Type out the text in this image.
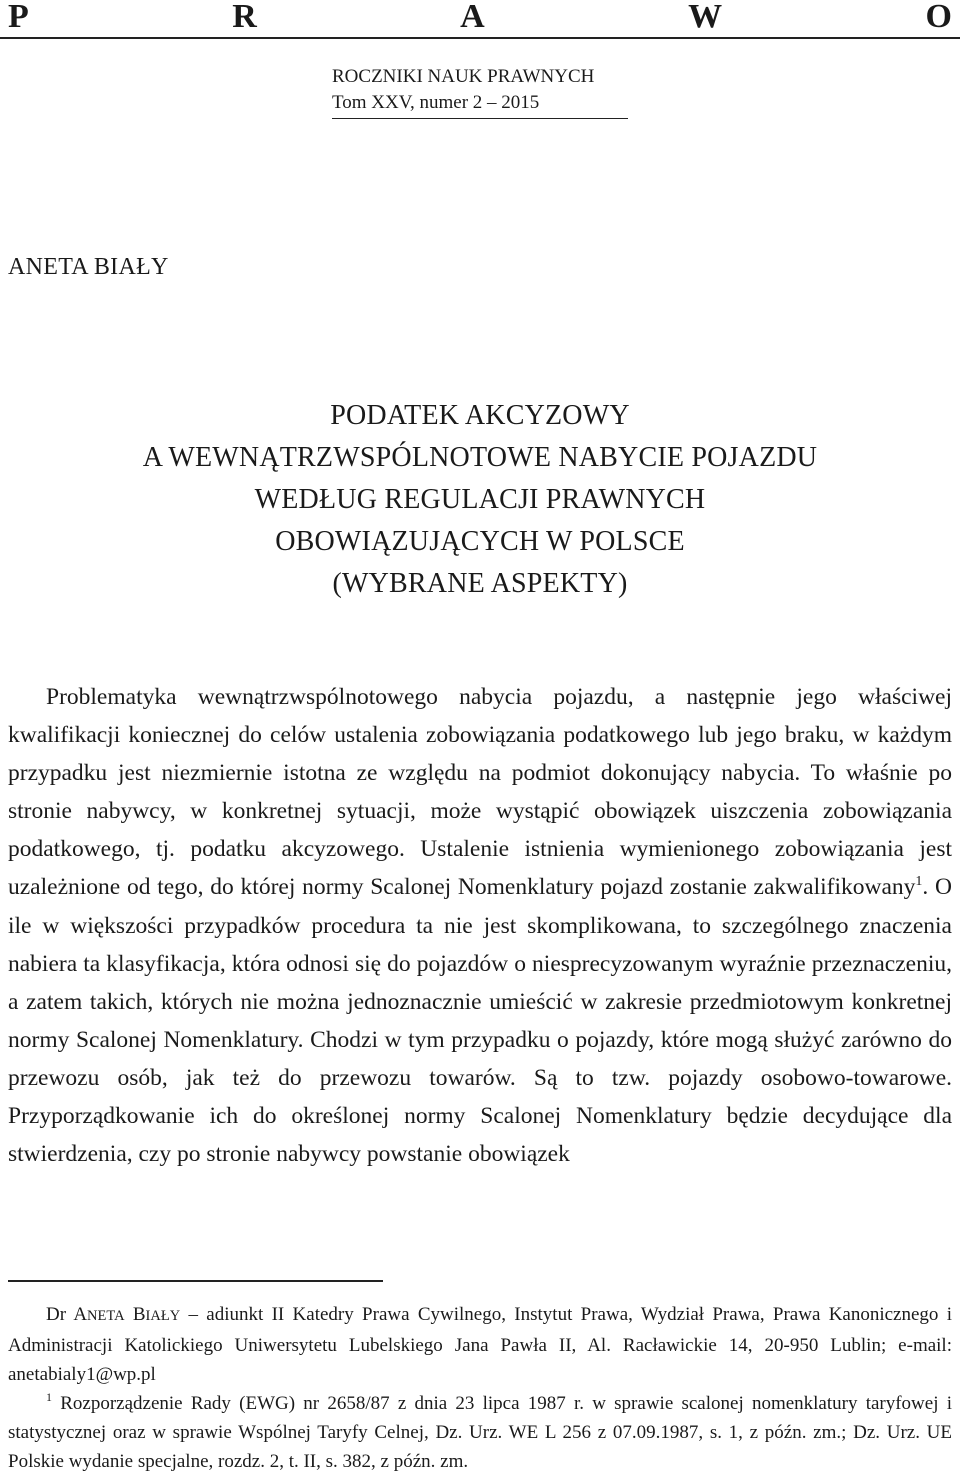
P	R	A	W	O
ROCZNIKI NAUK PRAWNYCH
Tom XXV, numer 2 – 2015
ANETA BIAŁY
PODATEK AKCYZOWY
A WEWNĄTRZWSPÓLNOTOWE NABYCIE POJAZDU
WEDŁUG REGULACJI PRAWNYCH
OBOWIĄZUJĄCYCH W POLSCE
(WYBRANE ASPEKTY)

Problematyka wewnątrzwspólnotowego nabycia pojazdu, a następnie jego właściwej kwalifikacji koniecznej do celów ustalenia zobowiązania podatkowego lub jego braku, w każdym przypadku jest niezmiernie istotna ze względu na podmiot dokonujący nabycia. To właśnie po stronie nabywcy, w konkretnej sytuacji, może wystąpić obowiązek uiszczenia zobowiązania podatkowego, tj. podatku akcyzowego. Ustalenie istnienia wymienionego zobowiązania jest uzależnione od tego, do której normy Scalonej Nomenklatury pojazd zostanie zakwalifikowany$^1$. O ile w większości przypadków procedura ta nie jest skomplikowana, to szczególnego znaczenia nabiera ta klasyfikacja, która odnosi się do pojazdów o niesprecyzowanym wyraźnie przeznaczeniu, a zatem takich, których nie można jednoznacznie umieścić w zakresie przedmiotowym konkretnej normy Scalonej Nomenklatury. Chodzi w tym przypadku o pojazdy, które mogą służyć zarówno do przewozu osób, jak też do przewozu towarów. Są to tzw. pojazdy osobowo-towarowe. Przyporządkowanie ich do określonej normy Scalonej Nomenklatury będzie decydujące dla stwierdzenia, czy po stronie nabywcy powstanie obowiązek

Dr ANETA BIAŁY – adiunkt II Katedry Prawa Cywilnego, Instytut Prawa, Wydział Prawa, Prawa Kanonicznego i Administracji Katolickiego Uniwersytetu Lubelskiego Jana Pawła II, Al. Racławickie 14, 20-950 Lublin; e-mail: anetabialy1@wp.pl

$^1$ Rozporządzenie Rady (EWG) nr 2658/87 z dnia 23 lipca 1987 r. w sprawie scalonej nomenklatury taryfowej i statystycznej oraz w sprawie Wspólnej Taryfy Celnej, Dz. Urz. WE L 256 z 07.09.1987, s. 1, z późn. zm.; Dz. Urz. UE Polskie wydanie specjalne, rozdz. 2, t. II, s. 382, z późn. zm.
